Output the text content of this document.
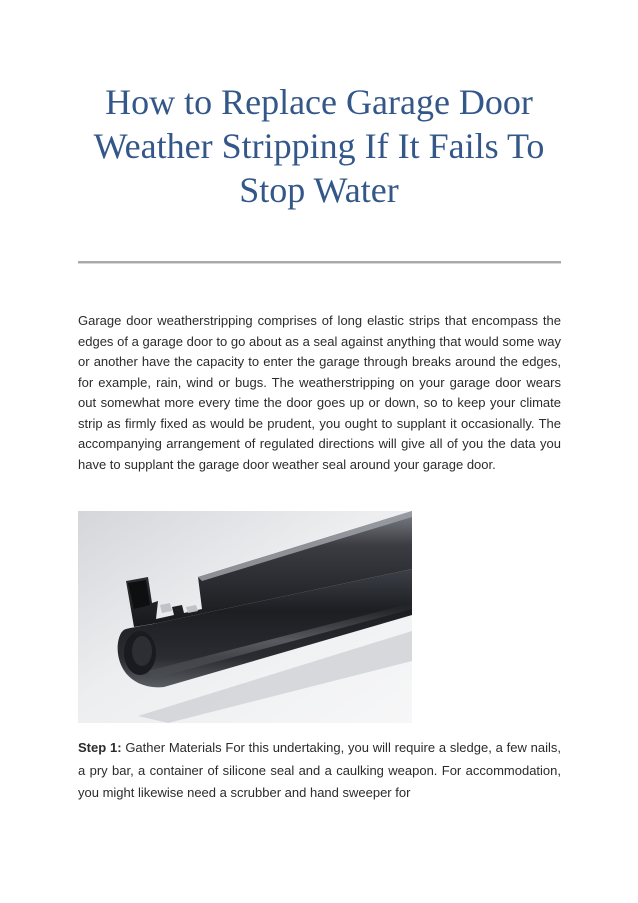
How to Replace Garage Door Weather Stripping If It Fails To Stop Water

Garage door weatherstripping comprises of long elastic strips that encompass the edges of a garage door to go about as a seal against anything that would some way or another have the capacity to enter the garage through breaks around the edges, for example, rain, wind or bugs. The weatherstripping on your garage door wears out somewhat more every time the door goes up or down, so to keep your climate strip as firmly fixed as would be prudent, you ought to supplant it occasionally. The accompanying arrangement of regulated directions will give all of you the data you have to supplant the garage door weather seal around your garage door.

Step 1: Gather Materials For this undertaking, you will require a sledge, a few nails, a pry bar, a container of silicone seal and a caulking weapon. For accommodation, you might likewise need a scrubber and hand sweeper for
